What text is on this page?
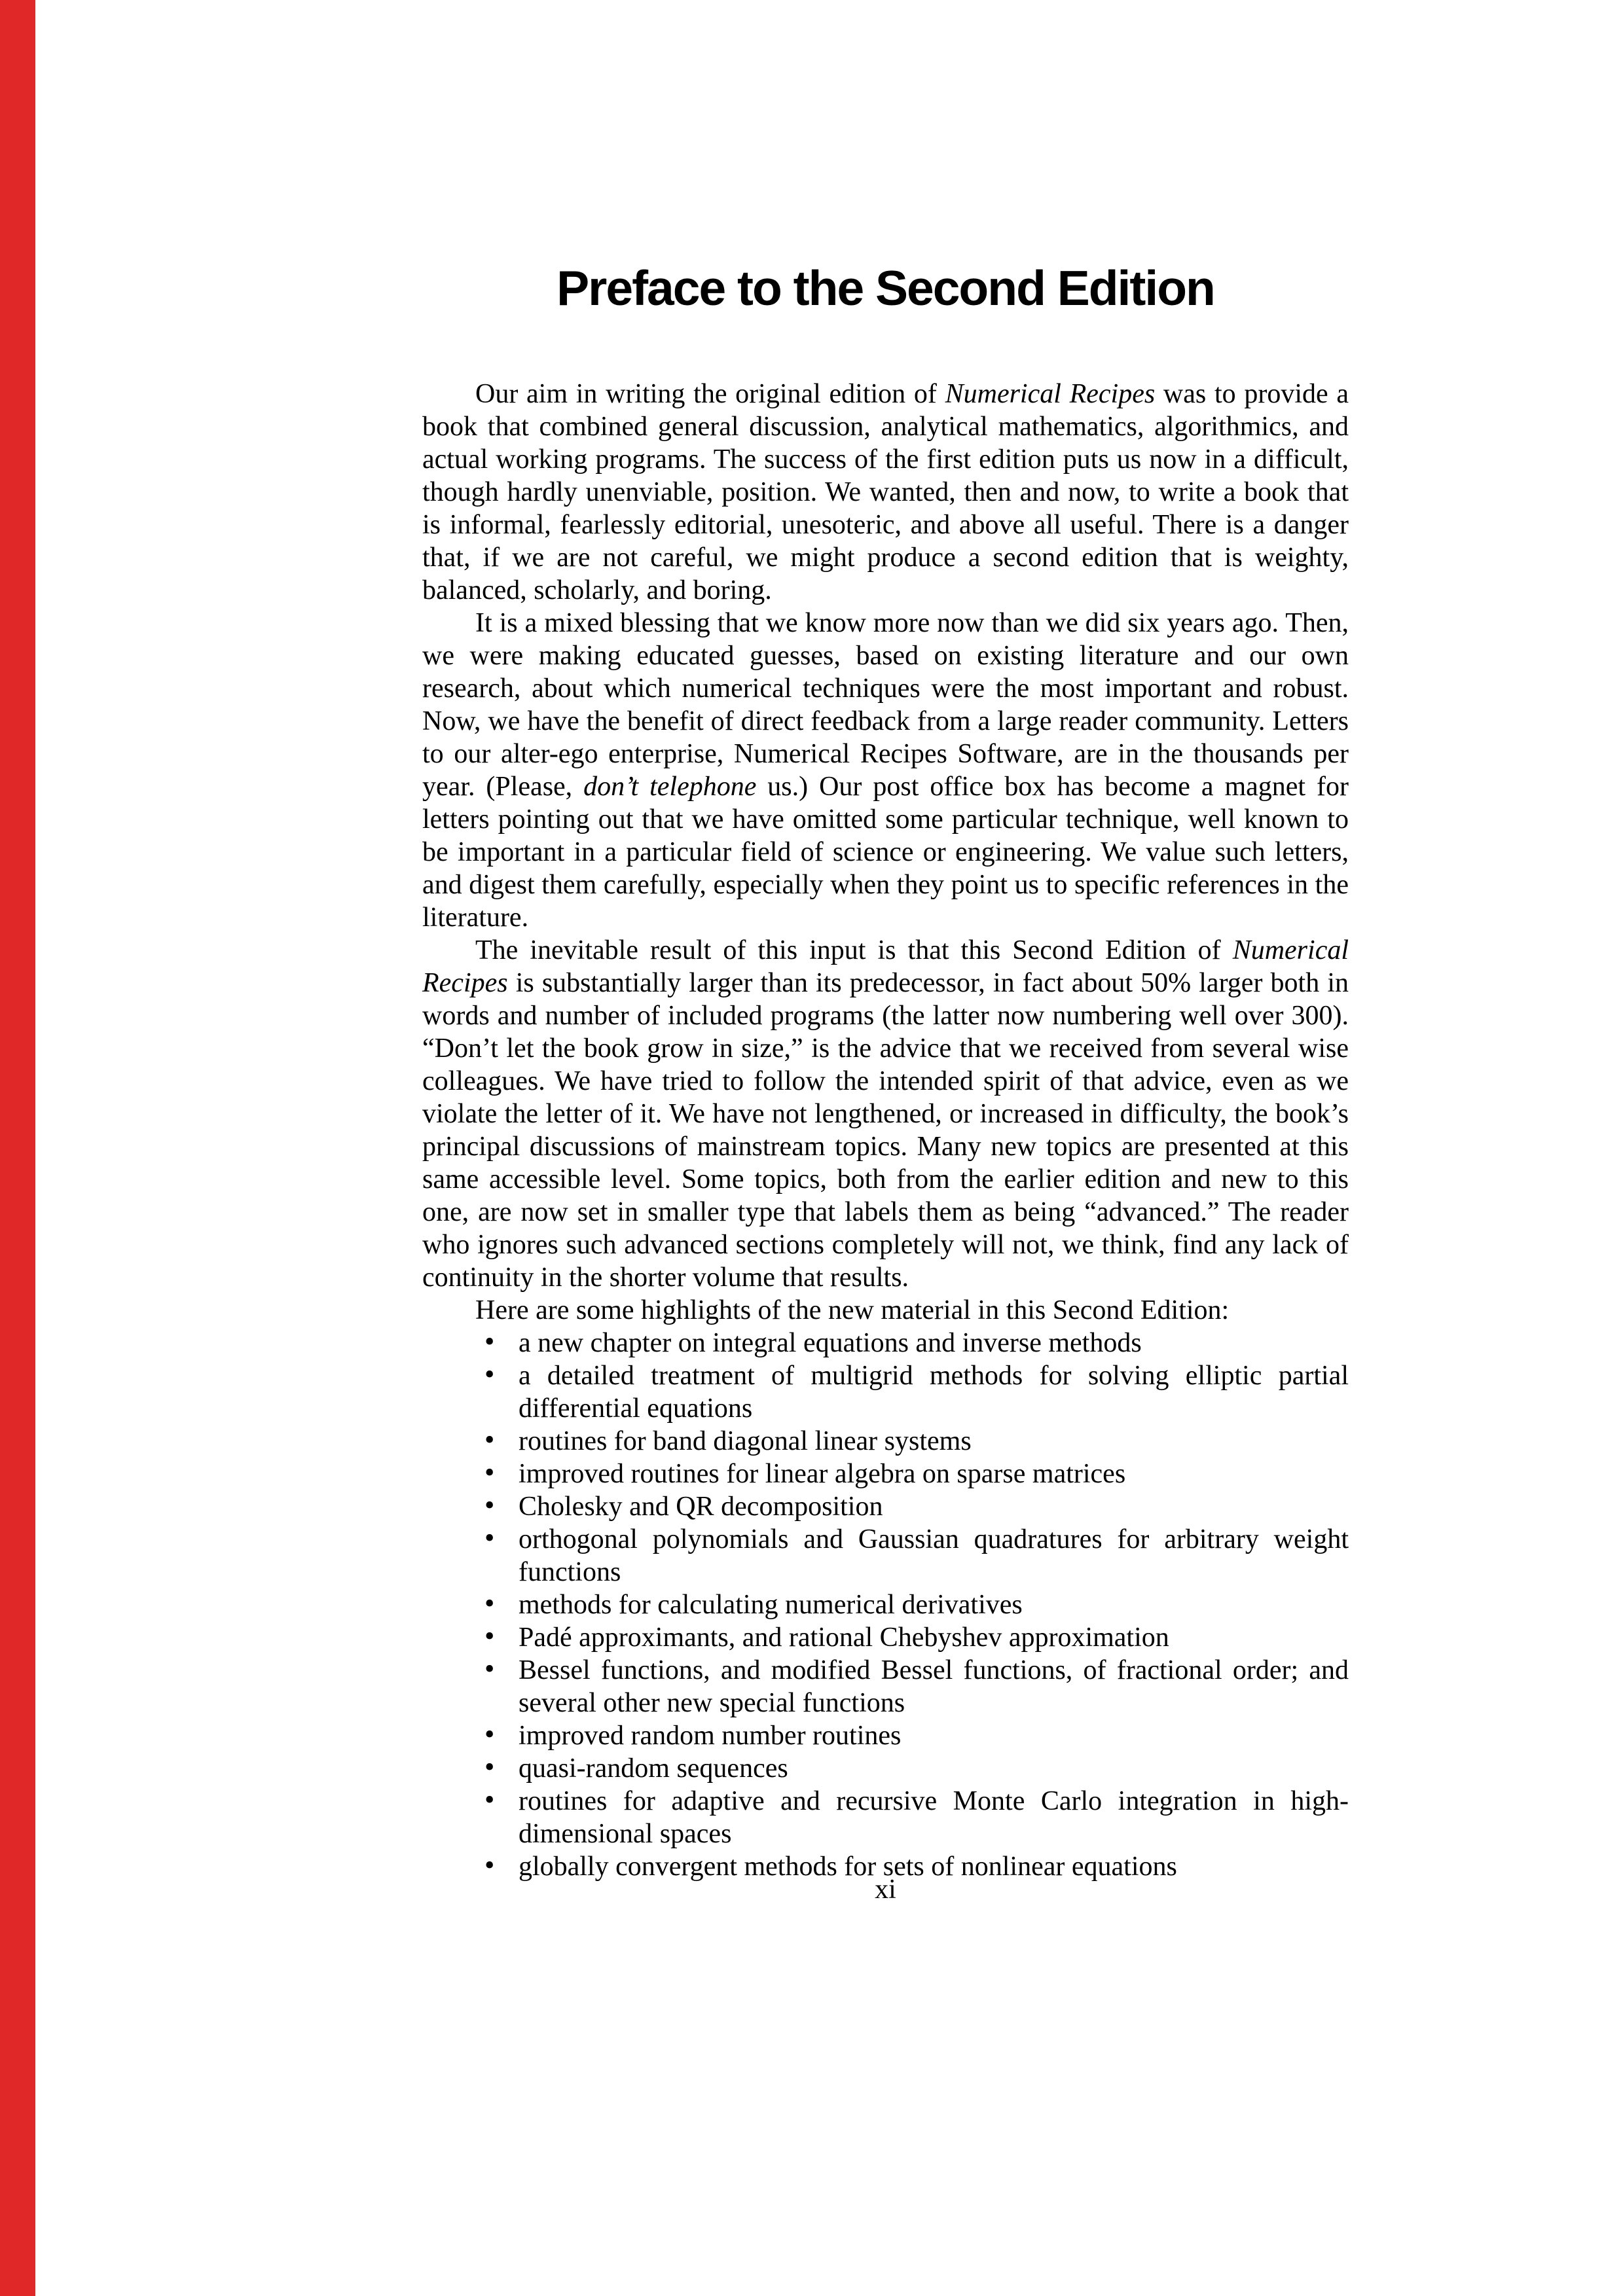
Preface to the Second Edition

Our aim in writing the original edition of Numerical Recipes was to provide a book that combined general discussion, analytical mathematics, algorithmics, and actual working programs. The success of the first edition puts us now in a difficult, though hardly unenviable, position. We wanted, then and now, to write a book that is informal, fearlessly editorial, unesoteric, and above all useful. There is a danger that, if we are not careful, we might produce a second edition that is weighty, balanced, scholarly, and boring.

It is a mixed blessing that we know more now than we did six years ago. Then, we were making educated guesses, based on existing literature and our own research, about which numerical techniques were the most important and robust. Now, we have the benefit of direct feedback from a large reader community. Letters to our alter-ego enterprise, Numerical Recipes Software, are in the thousands per year. (Please, don’t telephone us.) Our post office box has become a magnet for letters pointing out that we have omitted some particular technique, well known to be important in a particular field of science or engineering. We value such letters, and digest them carefully, especially when they point us to specific references in the literature.

The inevitable result of this input is that this Second Edition of Numerical Recipes is substantially larger than its predecessor, in fact about 50% larger both in words and number of included programs (the latter now numbering well over 300). “Don’t let the book grow in size,” is the advice that we received from several wise colleagues. We have tried to follow the intended spirit of that advice, even as we violate the letter of it. We have not lengthened, or increased in difficulty, the book’s principal discussions of mainstream topics. Many new topics are presented at this same accessible level. Some topics, both from the earlier edition and new to this one, are now set in smaller type that labels them as being “advanced.” The reader who ignores such advanced sections completely will not, we think, find any lack of continuity in the shorter volume that results.

Here are some highlights of the new material in this Second Edition:

• a new chapter on integral equations and inverse methods
• a detailed treatment of multigrid methods for solving elliptic partial differential equations
• routines for band diagonal linear systems
• improved routines for linear algebra on sparse matrices
• Cholesky and QR decomposition
• orthogonal polynomials and Gaussian quadratures for arbitrary weight functions
• methods for calculating numerical derivatives
• Padé approximants, and rational Chebyshev approximation
• Bessel functions, and modified Bessel functions, of fractional order; and several other new special functions
• improved random number routines
• quasi-random sequences
• routines for adaptive and recursive Monte Carlo integration in high-dimensional spaces
• globally convergent methods for sets of nonlinear equations
xi
